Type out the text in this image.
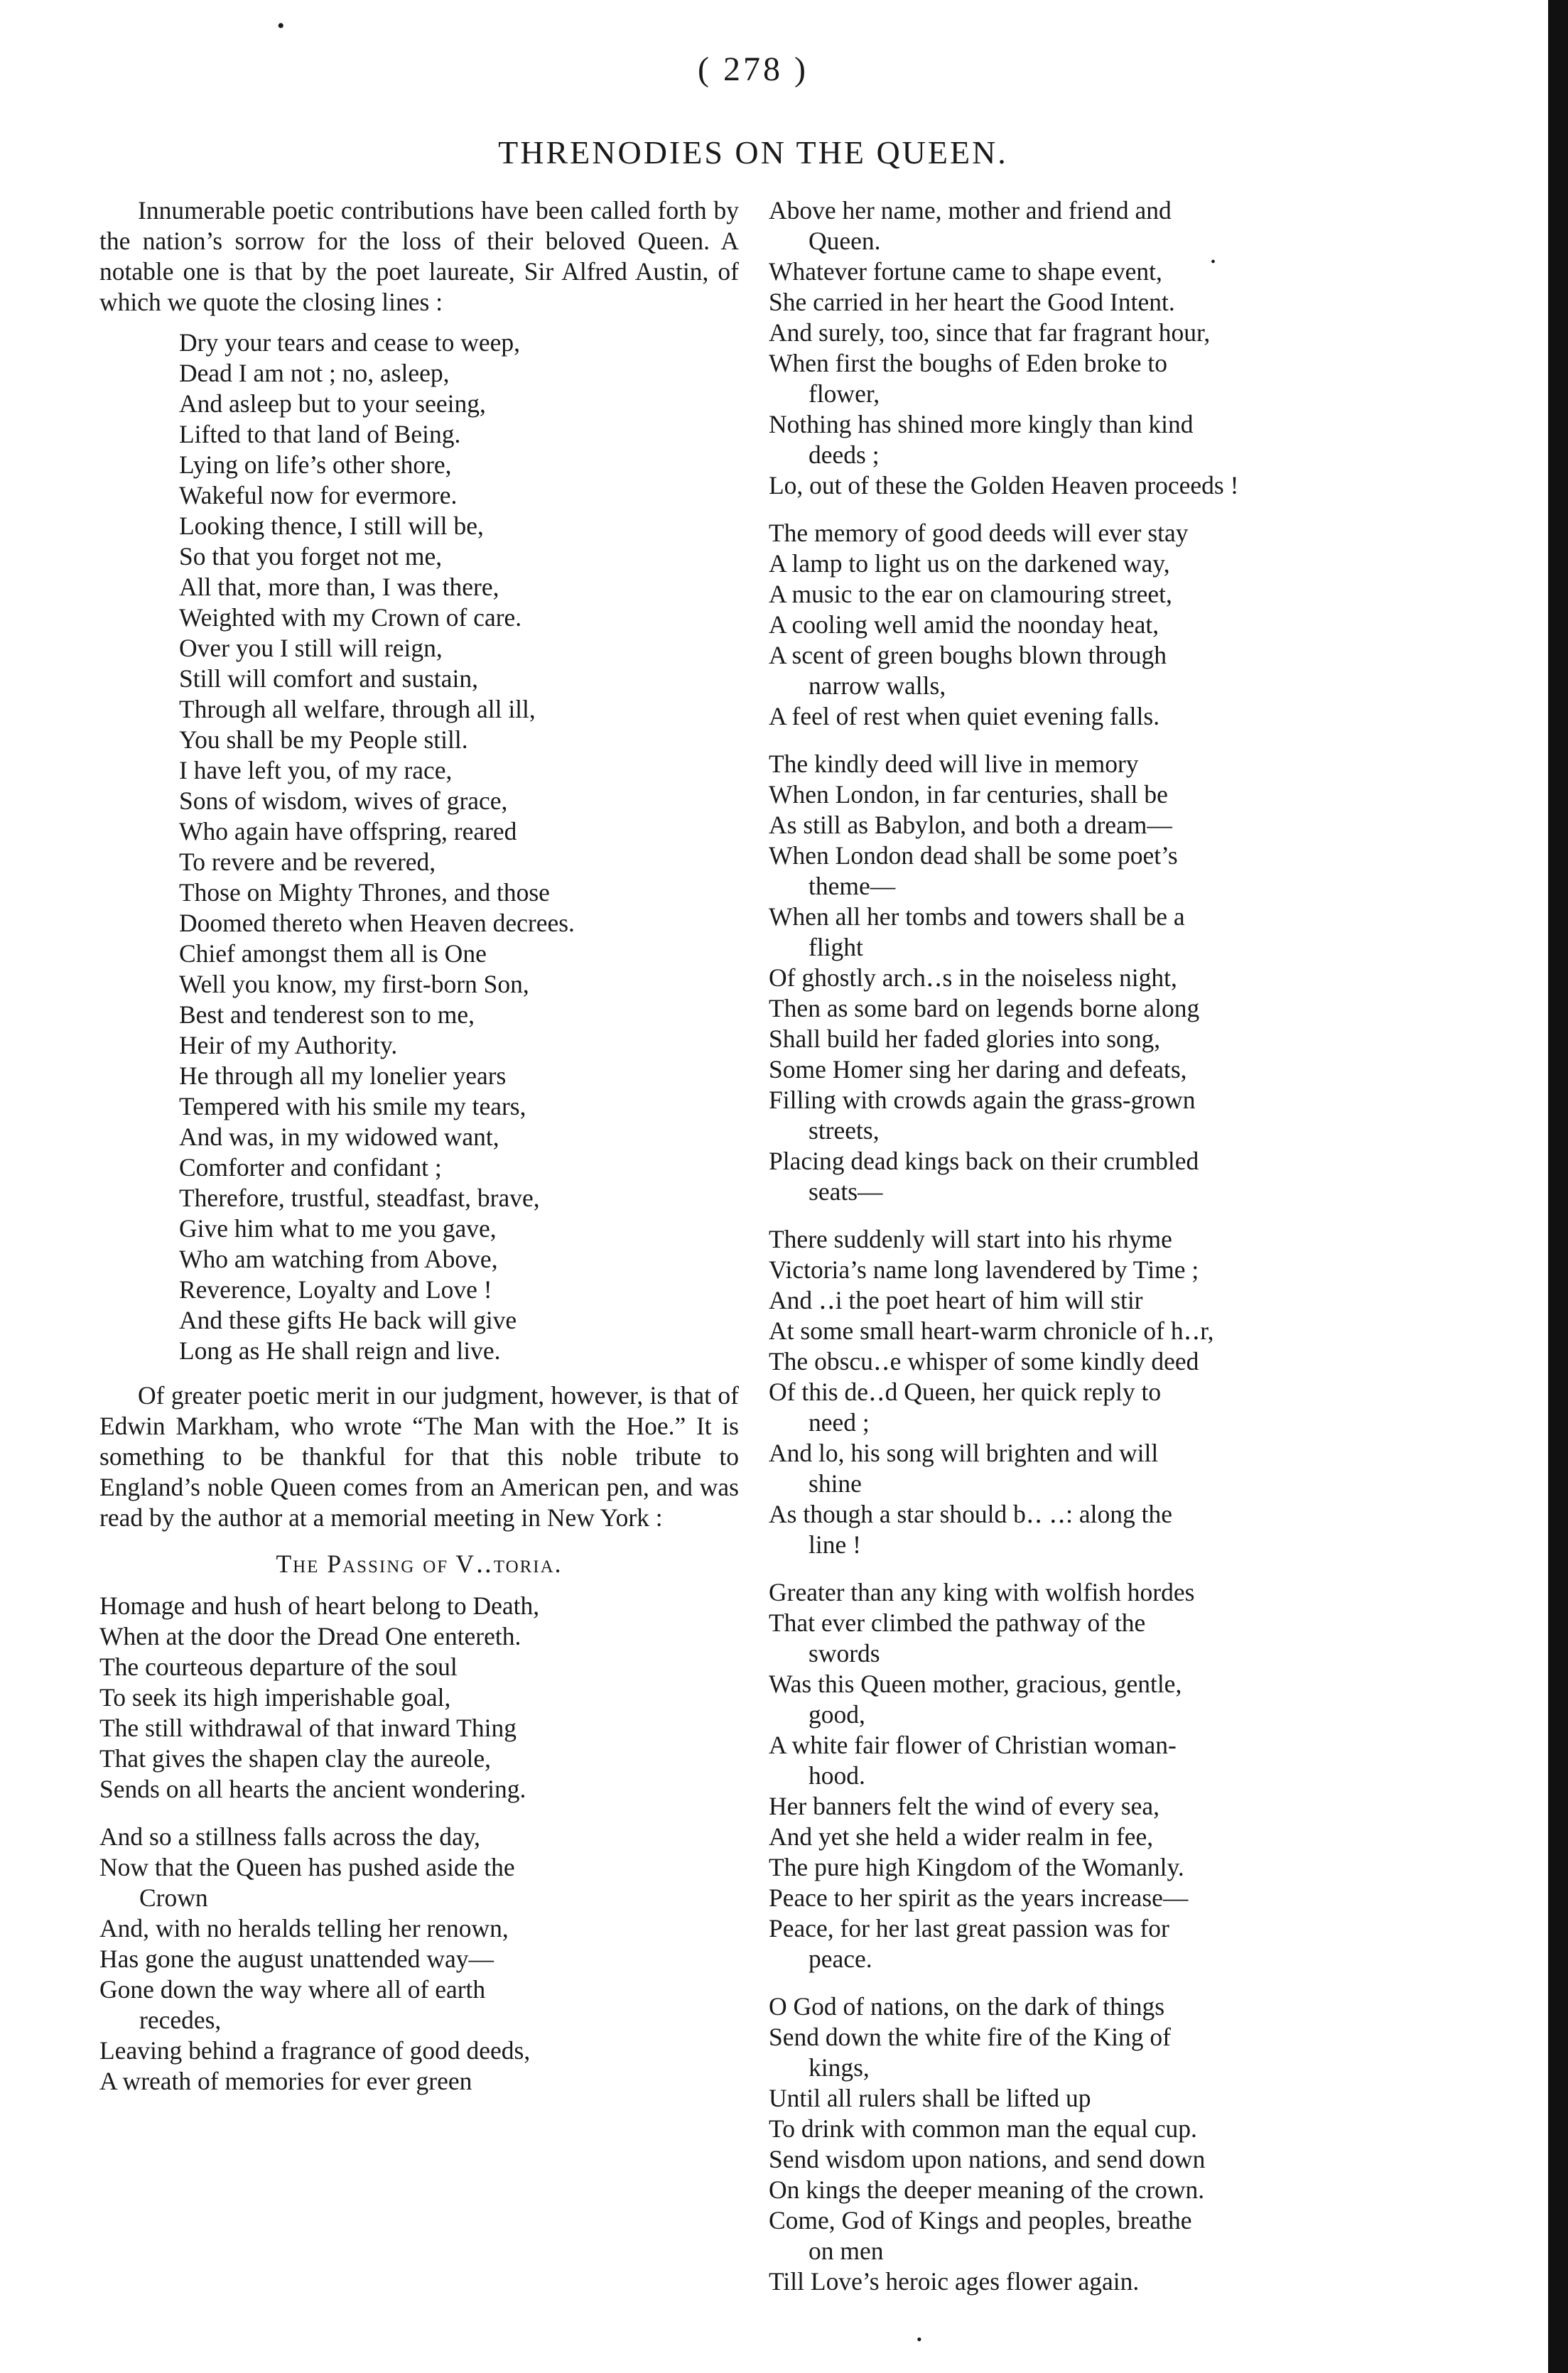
•
•
•
( 278 )
THRENODIES ON THE QUEEN.

Innumerable poetic contributions have been called forth by the nation’s sorrow for the loss of their beloved Queen. A notable one is that by the poet laureate, Sir Alfred Austin, of which we quote the closing lines :

Dry your tears and cease to weep,
Dead I am not ; no, asleep,
And asleep but to your seeing,
Lifted to that land of Being.
Lying on life’s other shore,
Wakeful now for evermore.
Looking thence, I still will be,
So that you forget not me,
All that, more than, I was there,
Weighted with my Crown of care.
Over you I still will reign,
Still will comfort and sustain,
Through all welfare, through all ill,
You shall be my People still.
I have left you, of my race,
Sons of wisdom, wives of grace,
Who again have offspring, reared
To revere and be revered,
Those on Mighty Thrones, and those
Doomed thereto when Heaven decrees.
Chief amongst them all is One
Well you know, my first-born Son,
Best and tenderest son to me,
Heir of my Authority.
He through all my lonelier years
Tempered with his smile my tears,
And was, in my widowed want,
Comforter and confidant ;
Therefore, trustful, steadfast, brave,
Give him what to me you gave,
Who am watching from Above,
Reverence, Loyalty and Love !
And these gifts He back will give
Long as He shall reign and live.

Of greater poetic merit in our judgment, however, is that of Edwin Markham, who wrote “The Man with the Hoe.” It is something to be thankful for that this noble tribute to England’s noble Queen comes from an American pen, and was read by the author at a memorial meeting in New York :

The Passing of V‥toria.
Homage and hush of heart belong to Death,
When at the door the Dread One entereth.
The courteous departure of the soul
To seek its high imperishable goal,
The still withdrawal of that inward Thing
That gives the shapen clay the aureole,
Sends on all hearts the ancient wondering.
And so a stillness falls across the day,
Now that the Queen has pushed aside the
Crown
And, with no heralds telling her renown,
Has gone the august unattended way—
Gone down the way where all of earth
recedes,
Leaving behind a fragrance of good deeds,
A wreath of memories for ever green
Above her name, mother and friend and
Queen.
Whatever fortune came to shape event,
She carried in her heart the Good Intent.
And surely, too, since that far fragrant hour,
When first the boughs of Eden broke to
flower,
Nothing has shined more kingly than kind
deeds ;
Lo, out of these the Golden Heaven proceeds !
The memory of good deeds will ever stay
A lamp to light us on the darkened way,
A music to the ear on clamouring street,
A cooling well amid the noonday heat,
A scent of green boughs blown through
narrow walls,
A feel of rest when quiet evening falls.
The kindly deed will live in memory
When London, in far centuries, shall be
As still as Babylon, and both a dream—
When London dead shall be some poet’s
theme—
When all her tombs and towers shall be a
flight
Of ghostly arch‥s in the noiseless night,
Then as some bard on legends borne along
Shall build her faded glories into song,
Some Homer sing her daring and defeats,
Filling with crowds again the grass-grown
streets,
Placing dead kings back on their crumbled
seats—
There suddenly will start into his rhyme
Victoria’s name long lavendered by Time ;
And ‥i the poet heart of him will stir
At some small heart-warm chronicle of h‥r,
The obscu‥e whisper of some kindly deed
Of this de‥d Queen, her quick reply to
need ;
And lo, his song will brighten and will
shine
As though a star should b‥ ‥: along the
line !
Greater than any king with wolfish hordes
That ever climbed the pathway of the
swords
Was this Queen mother, gracious, gentle,
good,
A white fair flower of Christian woman-
hood.
Her banners felt the wind of every sea,
And yet she held a wider realm in fee,
The pure high Kingdom of the Womanly.
Peace to her spirit as the years increase—
Peace, for her last great passion was for
peace.
O God of nations, on the dark of things
Send down the white fire of the King of
kings,
Until all rulers shall be lifted up
To drink with common man the equal cup.
Send wisdom upon nations, and send down
On kings the deeper meaning of the crown.
Come, God of Kings and peoples, breathe
on men
Till Love’s heroic ages flower again.
